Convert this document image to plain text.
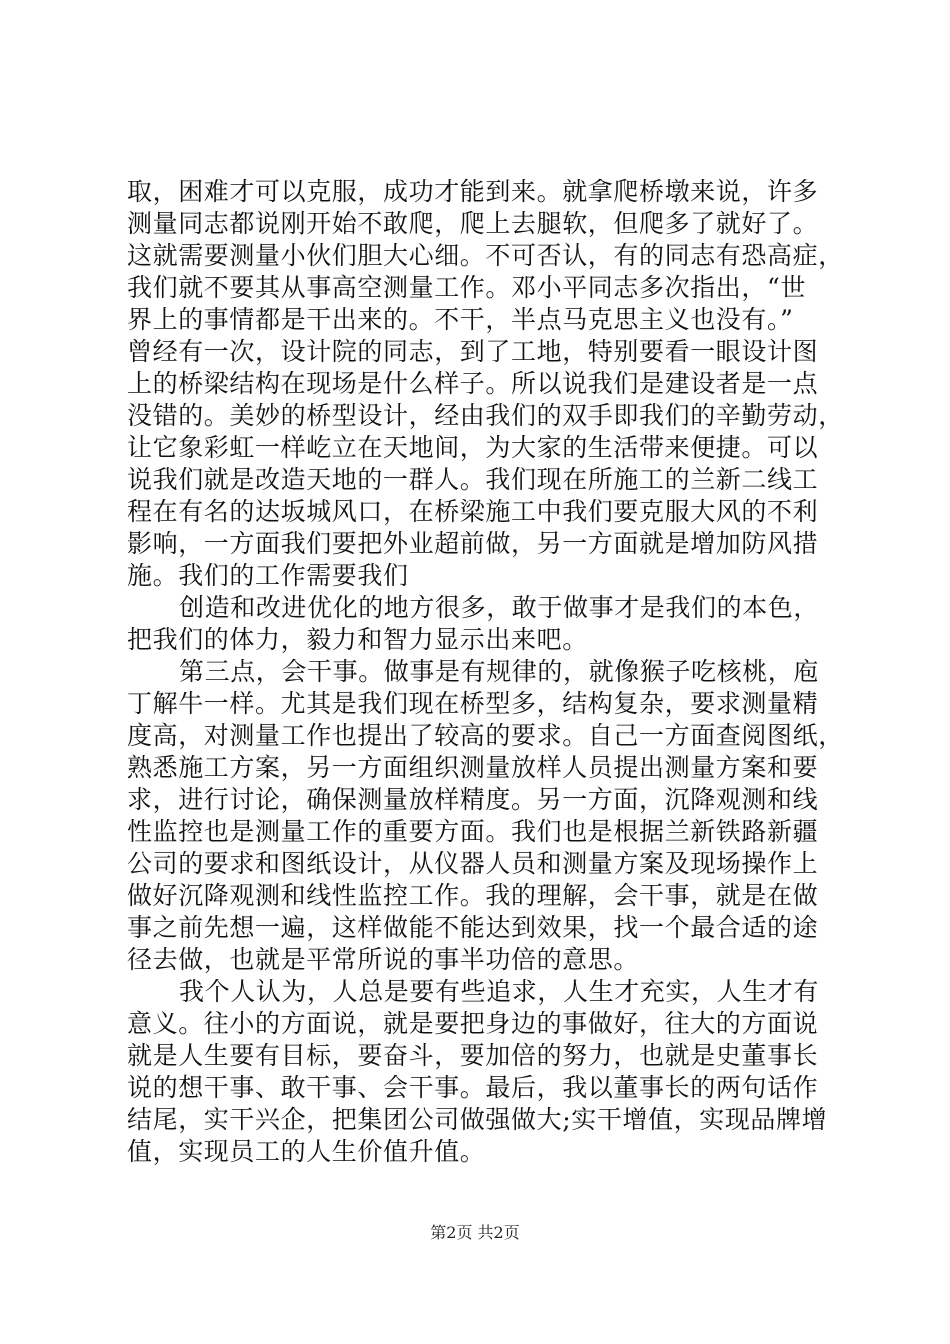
取，困难才可以克服，成功才能到来。就拿爬桥墩来说，许多
测量同志都说刚开始不敢爬，爬上去腿软，但爬多了就好了。
这就需要测量小伙们胆大心细。不可否认，有的同志有恐高症，
我们就不要其从事高空测量工作。邓小平同志多次指出，“世
界上的事情都是干出来的。不干，半点马克思主义也没有。”
曾经有一次，设计院的同志，到了工地，特别要看一眼设计图
上的桥梁结构在现场是什么样子。所以说我们是建设者是一点
没错的。美妙的桥型设计，经由我们的双手即我们的辛勤劳动，
让它象彩虹一样屹立在天地间，为大家的生活带来便捷。可以
说我们就是改造天地的一群人。我们现在所施工的兰新二线工
程在有名的达坂城风口，在桥梁施工中我们要克服大风的不利
影响，一方面我们要把外业超前做，另一方面就是增加防风措
施。我们的工作需要我们
创造和改进优化的地方很多，敢于做事才是我们的本色，
把我们的体力，毅力和智力显示出来吧。
第三点，会干事。做事是有规律的，就像猴子吃核桃，庖
丁解牛一样。尤其是我们现在桥型多，结构复杂，要求测量精
度高，对测量工作也提出了较高的要求。自己一方面查阅图纸，
熟悉施工方案，另一方面组织测量放样人员提出测量方案和要
求，进行讨论，确保测量放样精度。另一方面，沉降观测和线
性监控也是测量工作的重要方面。我们也是根据兰新铁路新疆
公司的要求和图纸设计，从仪器人员和测量方案及现场操作上
做好沉降观测和线性监控工作。我的理解，会干事，就是在做
事之前先想一遍，这样做能不能达到效果，找一个最合适的途
径去做，也就是平常所说的事半功倍的意思。
我个人认为，人总是要有些追求，人生才充实，人生才有
意义。往小的方面说，就是要把身边的事做好，往大的方面说
就是人生要有目标，要奋斗，要加倍的努力，也就是史董事长
说的想干事、敢干事、会干事。最后，我以董事长的两句话作
结尾，实干兴企，把集团公司做强做大;实干增值，实现品牌增
值，实现员工的人生价值升值。
第2页 共2页
